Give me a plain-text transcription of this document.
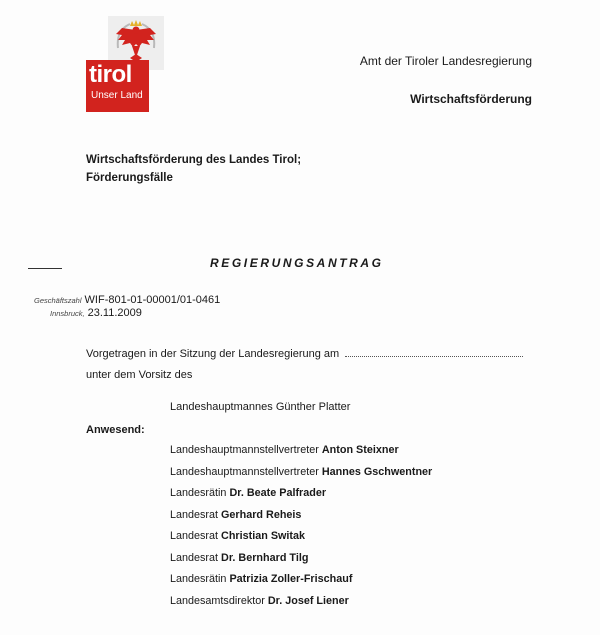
tirol
Unser Land
Amt der Tiroler Landesregierung
Wirtschaftsförderung
Wirtschaftsförderung des Landes Tirol;
Förderungsfälle
REGIERUNGSANTRAG
Geschäftszahl WIF-801-01-00001/01-0461
Innsbruck, 23.11.2009
Vorgetragen in der Sitzung der Landesregierung am
unter dem Vorsitz des
Landeshauptmannes Günther Platter
Anwesend:
Landeshauptmannstellvertreter Anton Steixner
Landeshauptmannstellvertreter Hannes Gschwentner
Landesrätin Dr. Beate Palfrader
Landesrat Gerhard Reheis
Landesrat Christian Switak
Landesrat Dr. Bernhard Tilg
Landesrätin Patrizia Zoller-Frischauf
Landesamtsdirektor Dr. Josef Liener
